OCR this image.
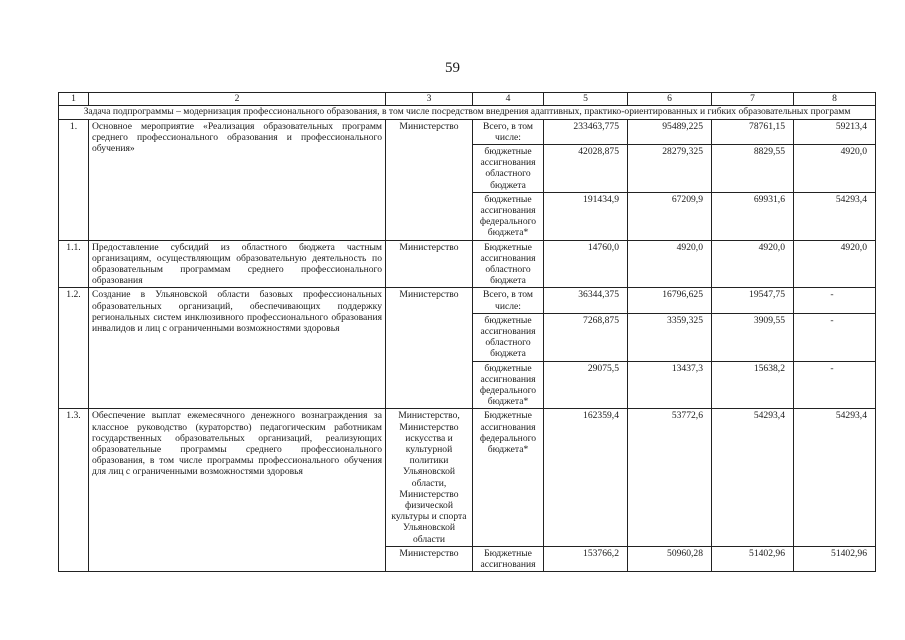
59
1	2	3	4	5	6	7	8
Задача подпрограммы – модернизация профессионального образования, в том числе посредством внедрения адаптивных, практико-ориентированных и гибких образовательных программ							
1.	Основное мероприятие «Реализация образовательных программ среднего профессионального образования и профессионального обучения»	Министерство	Всего, в том числе:	233463,775	95489,225	78761,15	59213,4
			бюджетные ассигнования областного бюджета	42028,875	28279,325	8829,55	4920,0
			бюджетные ассигнования федерального бюджета*	191434,9	67209,9	69931,6	54293,4
1.1.	Предоставление субсидий из областного бюджета частным организациям, осуществляющим образовательную деятельность по образовательным программам среднего профессионального образования	Министерство	Бюджетные ассигнования областного бюджета	14760,0	4920,0	4920,0	4920,0
1.2.	Создание в Ульяновской области базовых профессиональных образовательных организаций, обеспечивающих поддержку региональных систем инклюзивного профессионального образования инвалидов и лиц с ограниченными возможностями здоровья	Министерство	Всего, в том числе:	36344,375	16796,625	19547,75	-
			бюджетные ассигнования областного бюджета	7268,875	3359,325	3909,55	-
			бюджетные ассигнования федерального бюджета*	29075,5	13437,3	15638,2	-
1.3.	Обеспечение выплат ежемесячного денежного вознаграждения за классное руководство (кураторство) педагогическим работникам государственных образовательных организаций, реализующих образовательные программы среднего профессионального образования, в том числе программы профессионального обучения для лиц с ограниченными возможностями здоровья	Министерство, Министерство искусства и культурной политики Ульяновской области, Министерство физической культуры и спорта Ульяновской области	Бюджетные ассигнования федерального бюджета*	162359,4	53772,6	54293,4	54293,4
		Министерство	Бюджетные ассигнования	153766,2	50960,28	51402,96	51402,96
